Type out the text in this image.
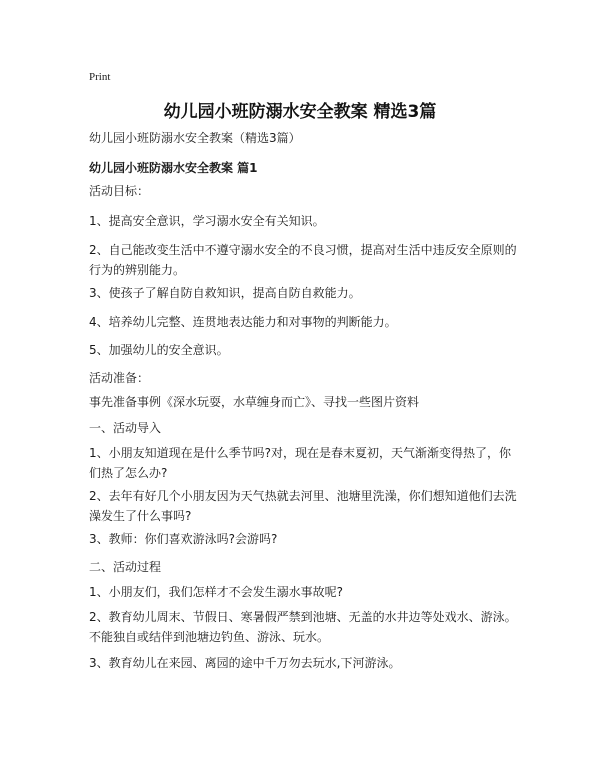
Print
幼儿园小班防溺水安全教案 精选3篇
幼儿园小班防溺水安全教案（精选3篇）
幼儿园小班防溺水安全教案 篇1
活动目标：
1、提高安全意识，学习溺水安全有关知识。
2、自己能改变生活中不遵守溺水安全的不良习惯，提高对生活中违反安全原则的行为的辨别能力。
3、使孩子了解自防自救知识，提高自防自救能力。
4、培养幼儿完整、连贯地表达能力和对事物的判断能力。
5、加强幼儿的安全意识。
活动准备：
事先准备事例《深水玩耍，水草缠身而亡》、寻找一些图片资料
一、活动导入
1、小朋友知道现在是什么季节吗?对，现在是春末夏初，天气渐渐变得热了，你们热了怎么办?
2、去年有好几个小朋友因为天气热就去河里、池塘里洗澡，你们想知道他们去洗澡发生了什么事吗?
3、教师：你们喜欢游泳吗?会游吗?
二、活动过程
1、小朋友们，我们怎样才不会发生溺水事故呢?
2、教育幼儿周末、节假日、寒暑假严禁到池塘、无盖的水井边等处戏水、游泳。不能独自或结伴到池塘边钓鱼、游泳、玩水。
3、教育幼儿在来园、离园的途中千万勿去玩水,下河游泳。
